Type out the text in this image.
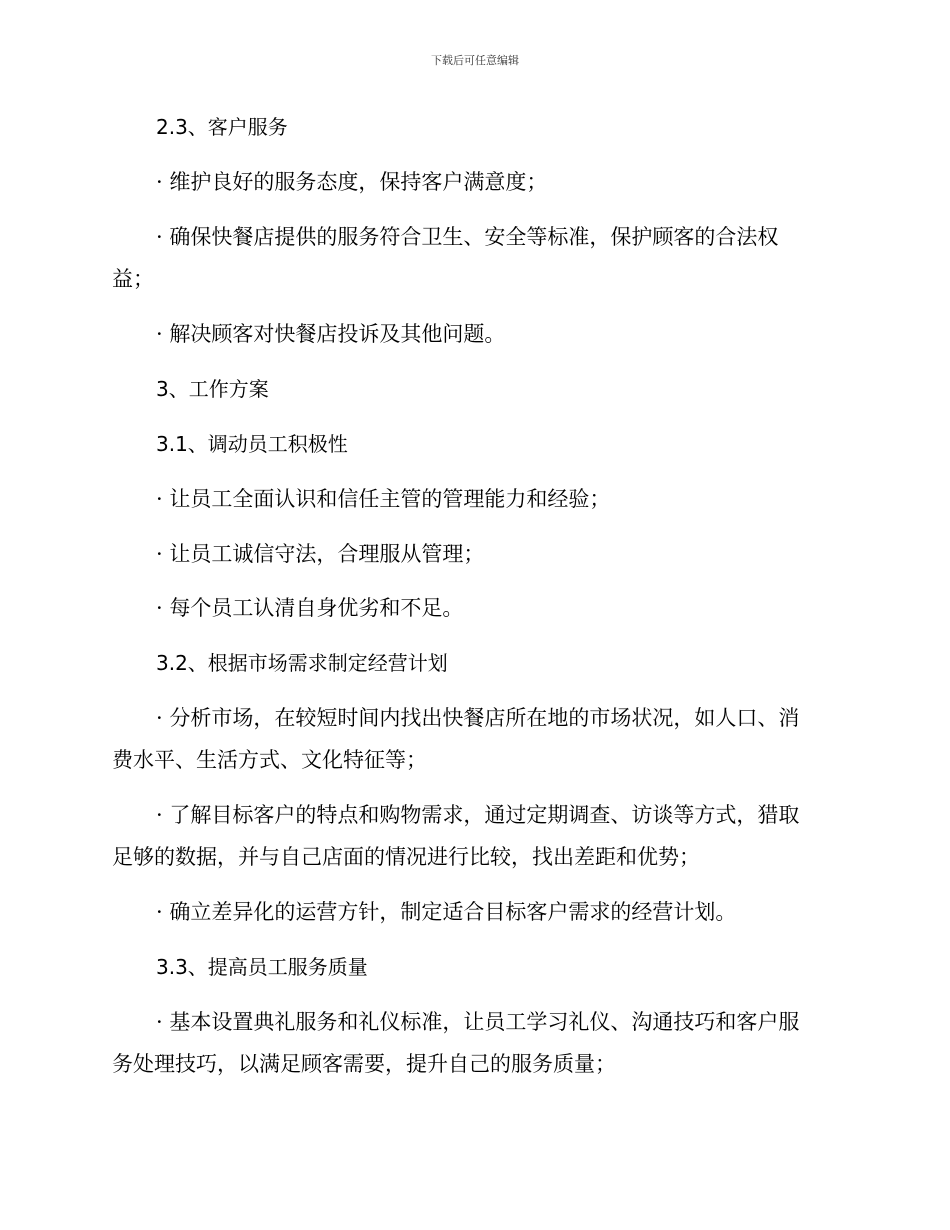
下载后可任意编辑
2.3、客户服务
· 维护良好的服务态度，保持客户满意度；
· 确保快餐店提供的服务符合卫生、安全等标准，保护顾客的合法权
益；
· 解决顾客对快餐店投诉及其他问题。
3、工作方案
3.1、调动员工积极性
· 让员工全面认识和信任主管的管理能力和经验；
· 让员工诚信守法，合理服从管理；
· 每个员工认清自身优劣和不足。
3.2、根据市场需求制定经营计划
· 分析市场，在较短时间内找出快餐店所在地的市场状况，如人口、消
费水平、生活方式、文化特征等；
· 了解目标客户的特点和购物需求，通过定期调查、访谈等方式，猎取
足够的数据，并与自己店面的情况进行比较，找出差距和优势；
· 确立差异化的运营方针，制定适合目标客户需求的经营计划。
3.3、提高员工服务质量
· 基本设置典礼服务和礼仪标准，让员工学习礼仪、沟通技巧和客户服
务处理技巧，以满足顾客需要，提升自己的服务质量；
